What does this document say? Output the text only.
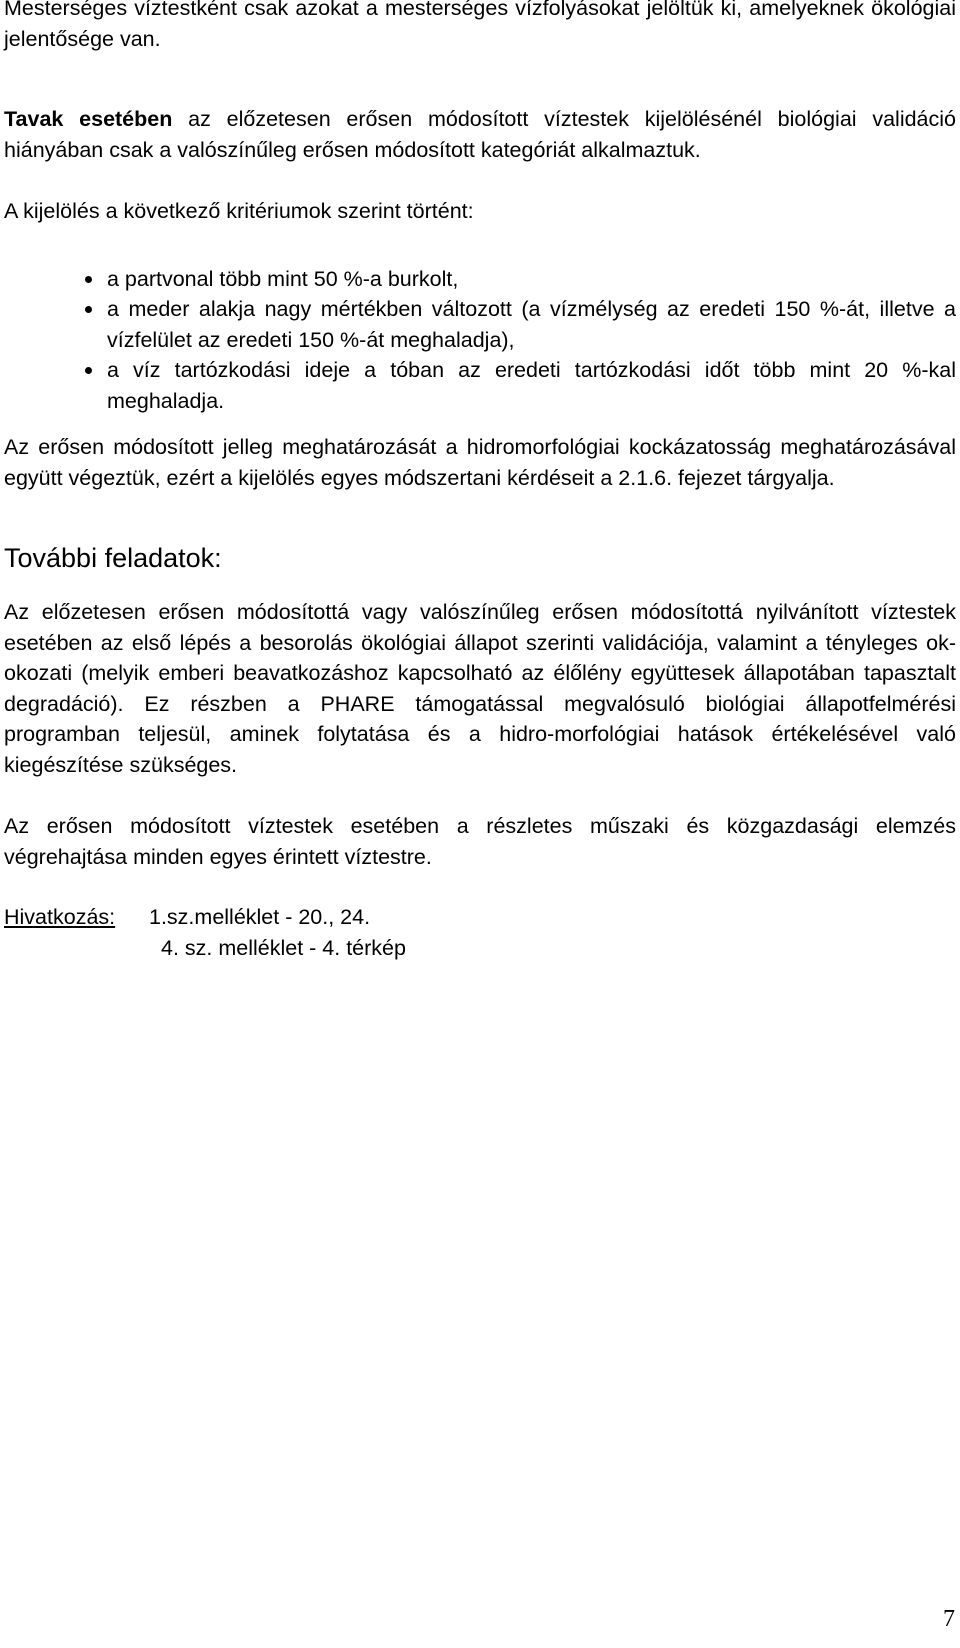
Mesterséges víztestként csak azokat a mesterséges vízfolyásokat jelöltük ki, amelyeknek ökológiai jelentősége van.

Tavak esetében az előzetesen erősen módosított víztestek kijelölésénél biológiai validáció hiányában csak a valószínűleg erősen módosított kategóriát alkalmaztuk.

A kijelölés a következő kritériumok szerint történt:

a partvonal több mint 50 %-a burkolt,
a meder alakja nagy mértékben változott (a vízmélység az eredeti 150 %-át, illetve a vízfelület az eredeti 150 %-át meghaladja),
a víz tartózkodási ideje a tóban az eredeti tartózkodási időt több mint 20 %-kal meghaladja.

Az erősen módosított jelleg meghatározását a hidromorfológiai kockázatosság meghatározásával együtt végeztük, ezért a kijelölés egyes módszertani kérdéseit a 2.1.6. fejezet tárgyalja.

További feladatok:

Az előzetesen erősen módosítottá vagy valószínűleg erősen módosítottá nyilvánított víztestek esetében az első lépés a besorolás ökológiai állapot szerinti validációja, valamint a tényleges ok-okozati (melyik emberi beavatkozáshoz kapcsolható az élőlény együttesek állapotában tapasztalt degradáció). Ez részben a PHARE támogatással megvalósuló biológiai állapotfelmérési programban teljesül, aminek folytatása és a hidro-morfológiai hatások értékelésével való kiegészítése szükséges.

Az erősen módosított víztestek esetében a részletes műszaki és közgazdasági elemzés végrehajtása minden egyes érintett víztestre.

Hivatkozás:	1.sz.melléklet - 20., 24.
4. sz. melléklet - 4. térkép
7
